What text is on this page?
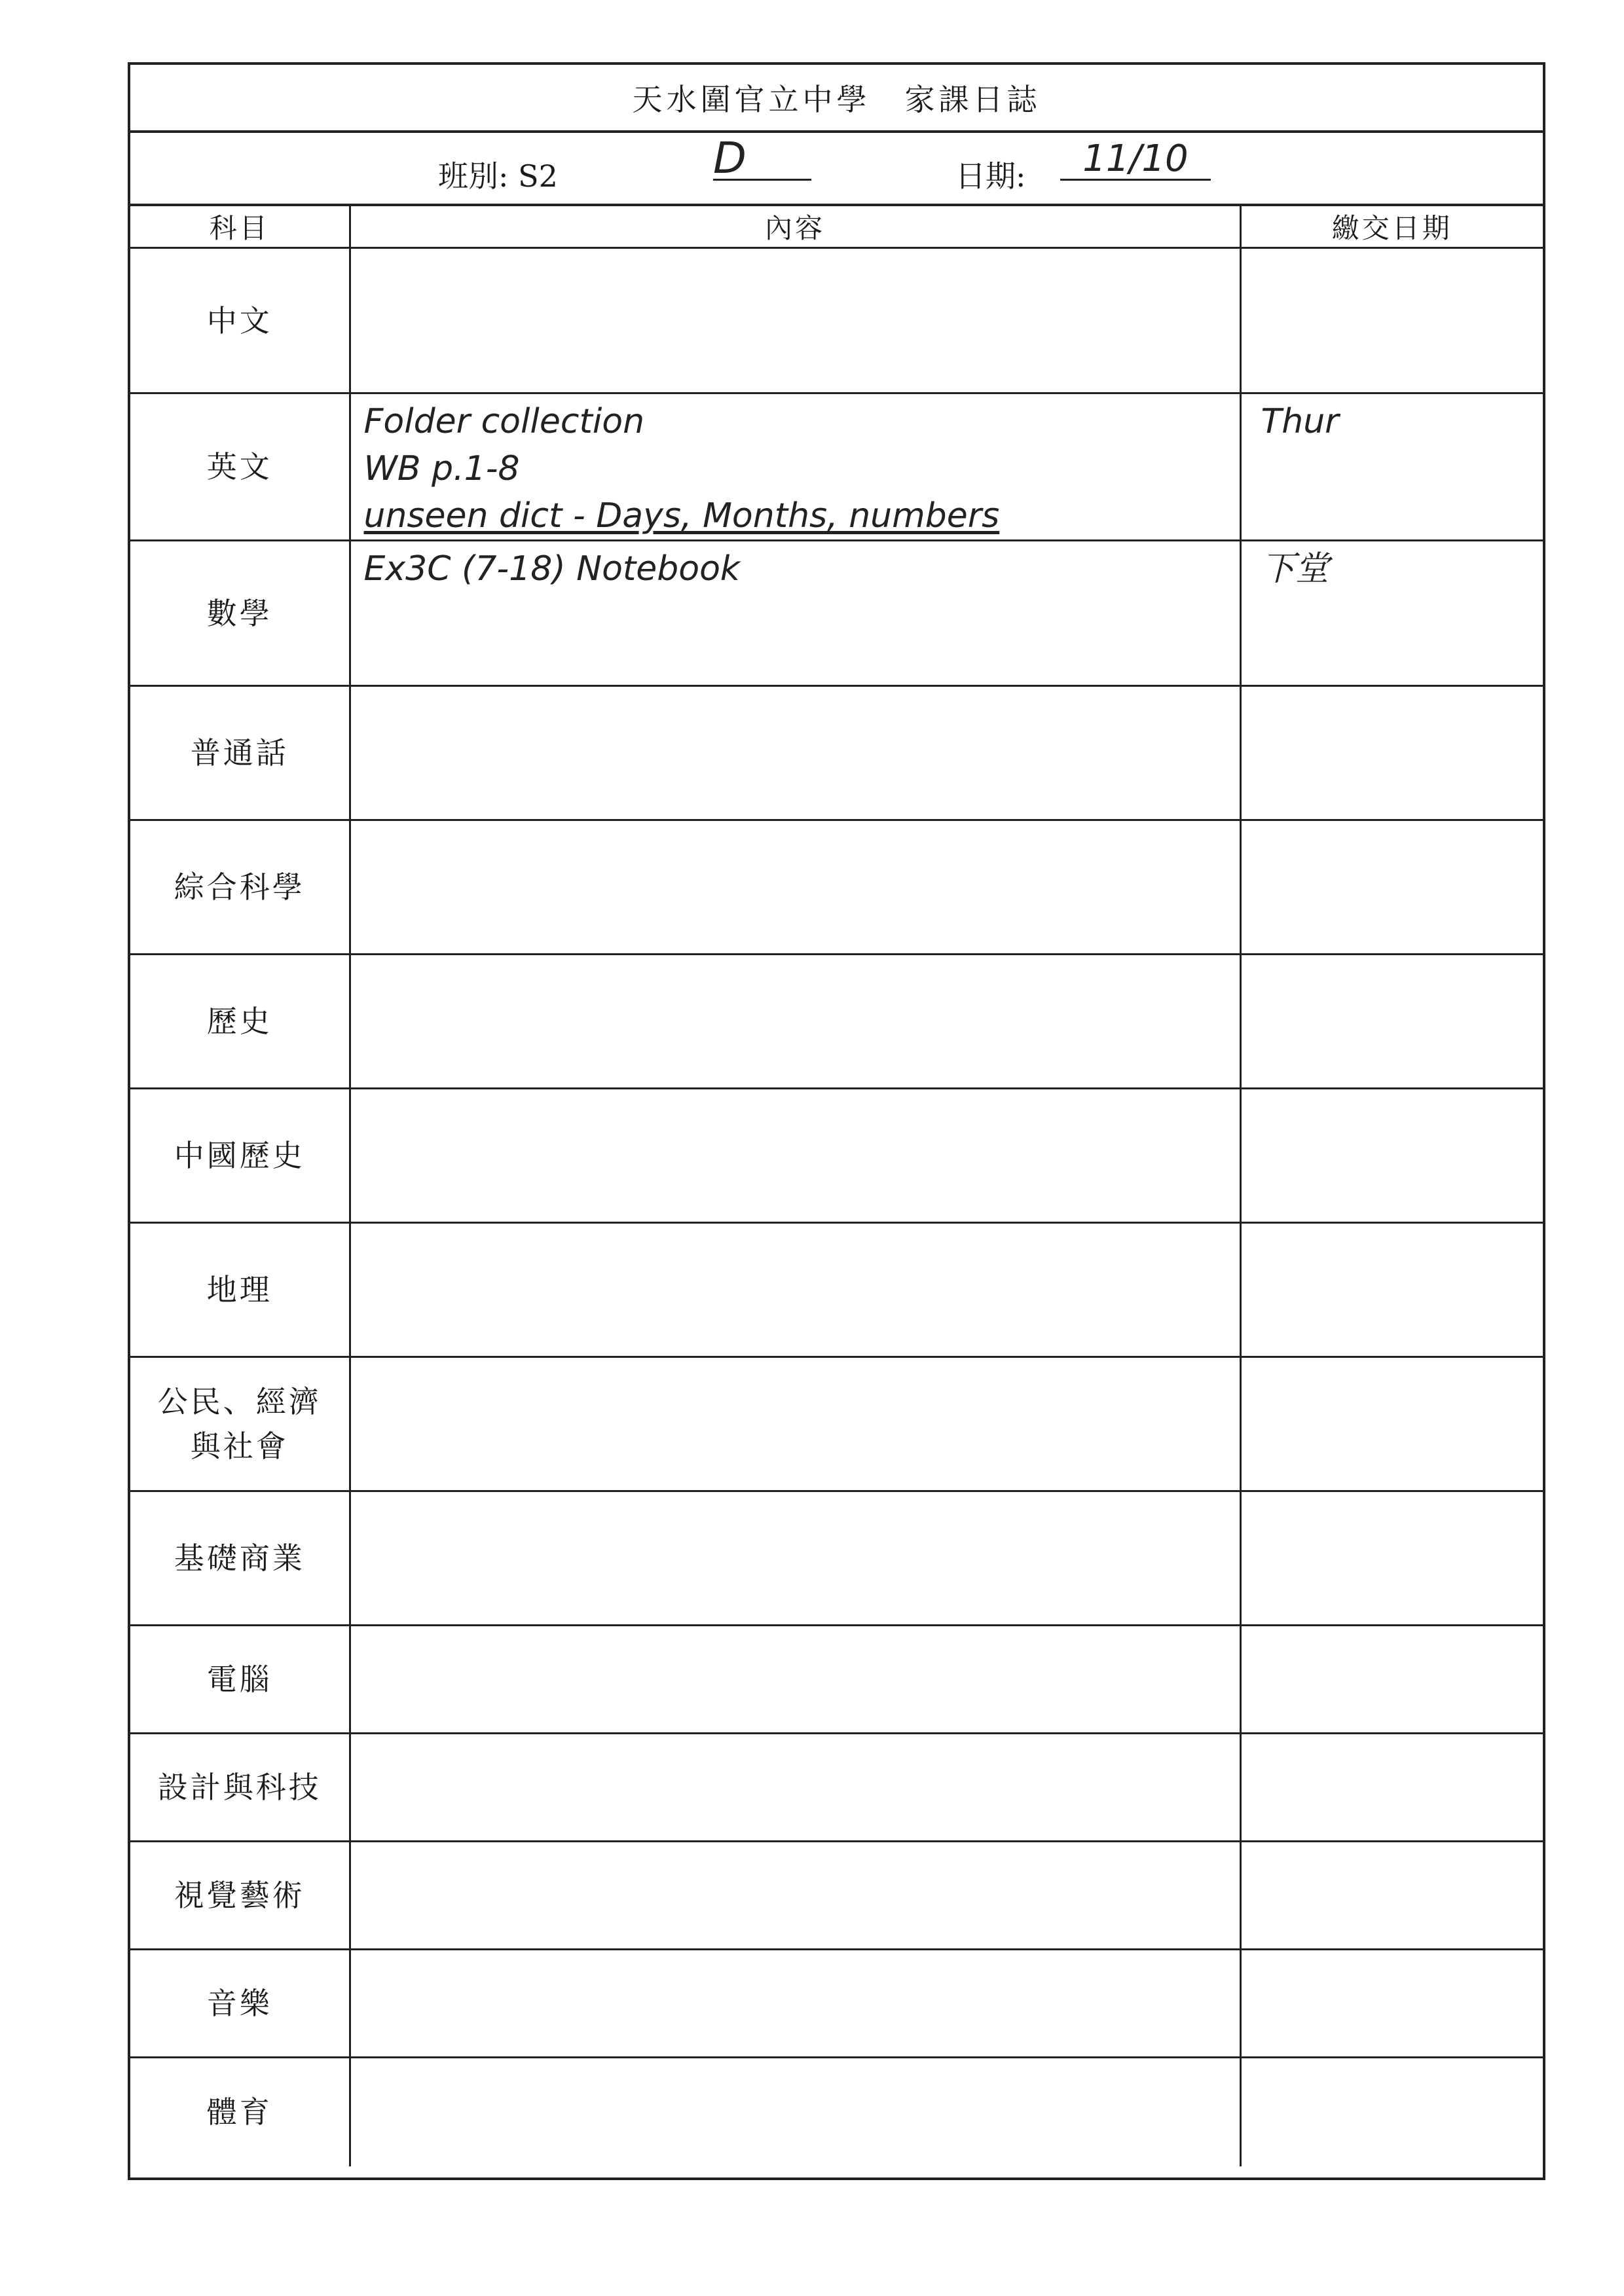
天水圍官立中學　家課日誌
班別: S2	D	日期:	11/10
科目	內容	繳交日期
中文		

英文	Folder collection
WB p.1-8
unseen dict - Days, Months, numbers	Thur

數學	Ex3C (7-18) Notebook	下堂

普通話		

綜合科學		

歷史		

中國歷史		

地理		

公民、經濟
與社會		

基礎商業		

電腦		

設計與科技		

視覺藝術		

音樂		

體育		
